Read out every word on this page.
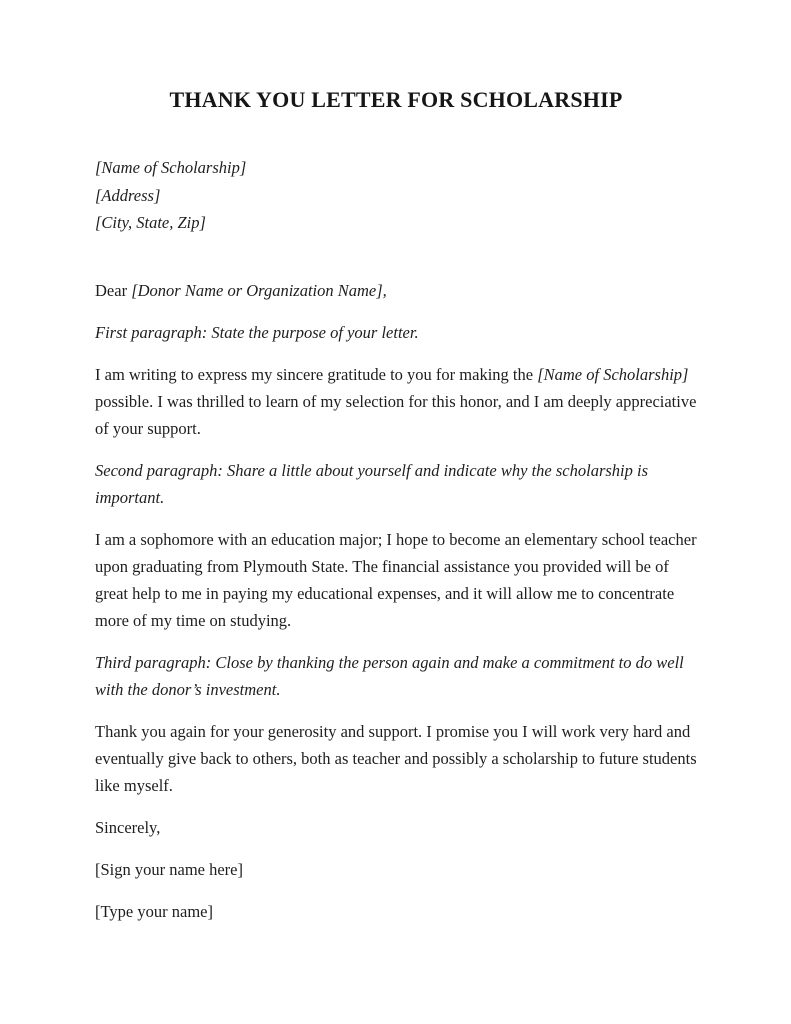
THANK YOU LETTER FOR SCHOLARSHIP

[Name of Scholarship]

[Address]

[City, State, Zip]

Dear [Donor Name or Organization Name],

First paragraph: State the purpose of your letter.

I am writing to express my sincere gratitude to you for making the [Name of Scholarship] possible. I was thrilled to learn of my selection for this honor, and I am deeply appreciative of your support.

Second paragraph: Share a little about yourself and indicate why the scholarship is important.

I am a sophomore with an education major; I hope to become an elementary school teacher upon graduating from Plymouth State. The financial assistance you provided will be of great help to me in paying my educational expenses, and it will allow me to concentrate more of my time on studying.

Third paragraph: Close by thanking the person again and make a commitment to do well with the donor’s investment.

Thank you again for your generosity and support. I promise you I will work very hard and eventually give back to others, both as teacher and possibly a scholarship to future students like myself.

Sincerely,

[Sign your name here]

[Type your name]
